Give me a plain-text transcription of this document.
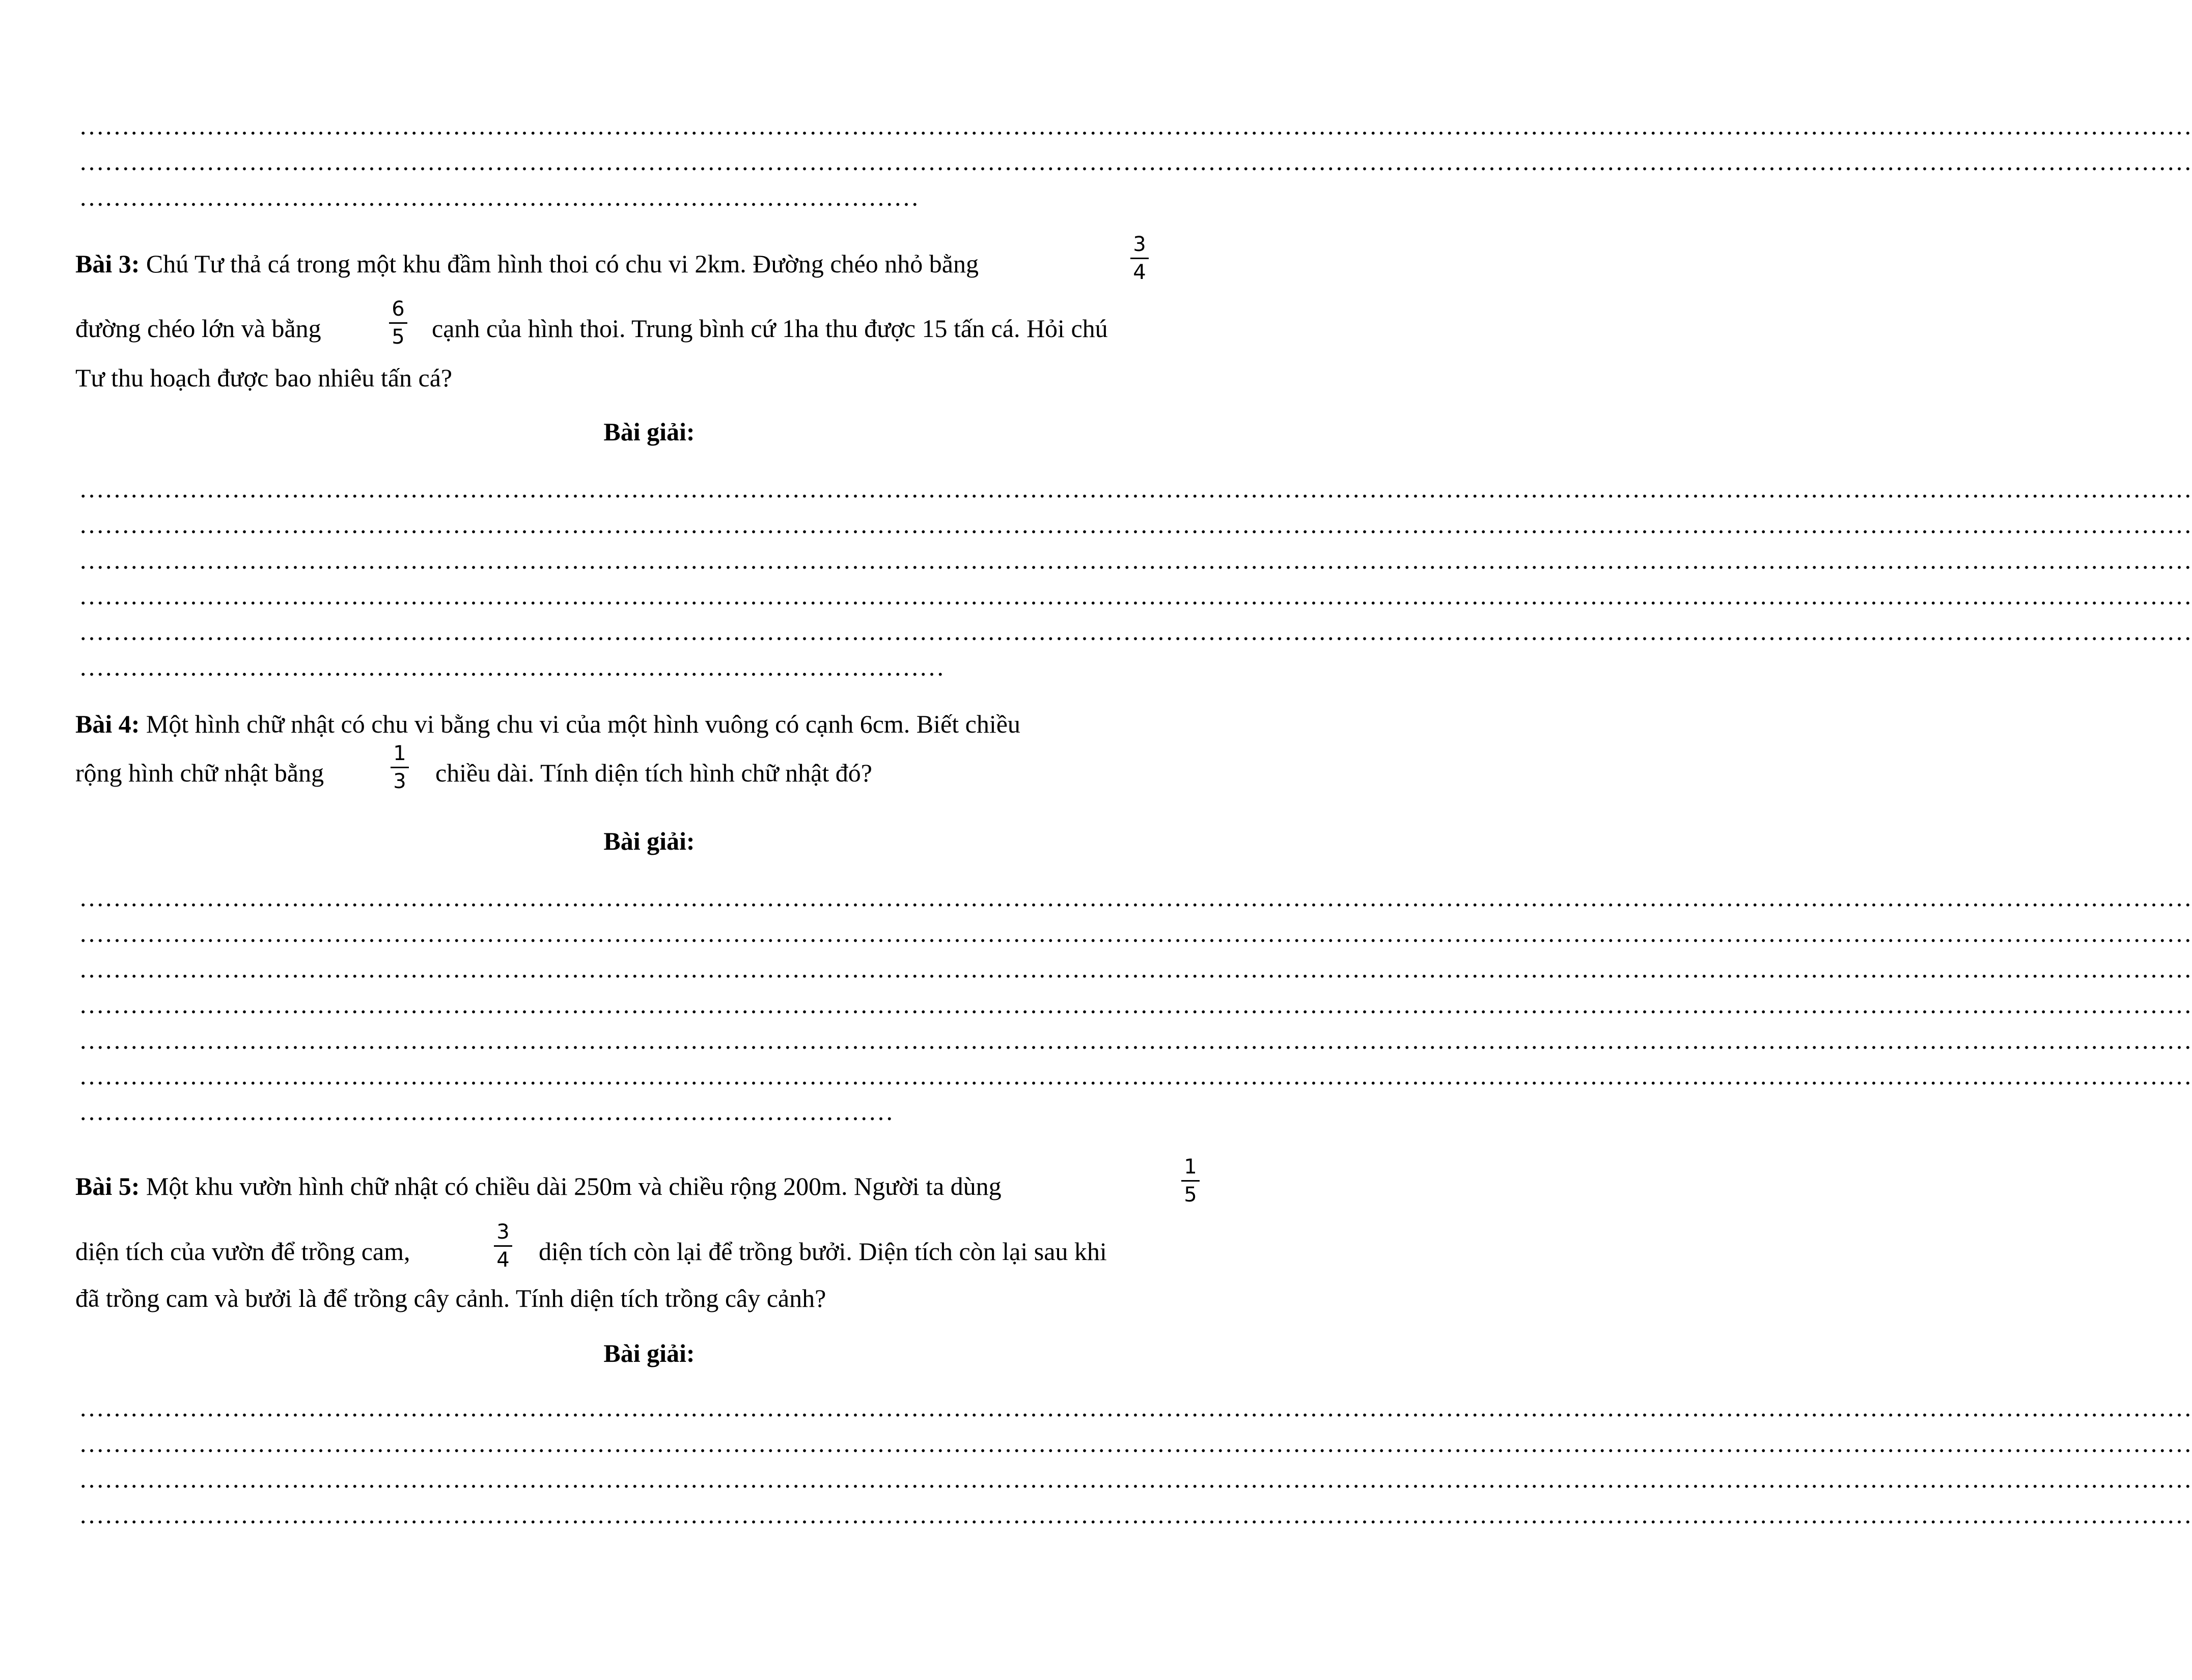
……………………………………………………………………………………………………………………………………………………………………………………………………………………………
……………………………………………………………………………………………………………………………………………………………………………………………………………………………
………………………………………………………………………………………
Bài 3: Chú Tư thả cá trong một khu đầm hình thoi có chu vi 2km. Đường chéo nhỏ bằng
3
4
đường chéo lớn và bằng
6
5 cạnh của hình thoi. Trung bình cứ 1ha thu được 15 tấn cá. Hỏi chú
Tư thu hoạch được bao nhiêu tấn cá?
Bài giải:
……………………………………………………………………………………………………………………………………………………………………………………………………………………………
……………………………………………………………………………………………………………………………………………………………………………………………………………………………
……………………………………………………………………………………………………………………………………………………………………………………………………………………………
……………………………………………………………………………………………………………………………………………………………………………………………………………………………
……………………………………………………………………………………………………………………………………………………………………………………………………………………………
…………………………………………………………………………………………
Bài 4: Một hình chữ nhật có chu vi bằng chu vi của một hình vuông có cạnh 6cm. Biết chiều
rộng hình chữ nhật bằng
1
3 chiều dài. Tính diện tích hình chữ nhật đó?
Bài giải:
……………………………………………………………………………………………………………………………………………………………………………………………………………………………
……………………………………………………………………………………………………………………………………………………………………………………………………………………………
……………………………………………………………………………………………………………………………………………………………………………………………………………………………
……………………………………………………………………………………………………………………………………………………………………………………………………………………………
……………………………………………………………………………………………………………………………………………………………………………………………………………………………
……………………………………………………………………………………………………………………………………………………………………………………………………………………………
……………………………………………………………………………………
Bài 5: Một khu vườn hình chữ nhật có chiều dài 250m và chiều rộng 200m. Người ta dùng
1
5
diện tích của vườn để trồng cam,
3
4 diện tích còn lại để trồng bưởi. Diện tích còn lại sau khi
đã trồng cam và bưởi là để trồng cây cảnh. Tính diện tích trồng cây cảnh?
Bài giải:
……………………………………………………………………………………………………………………………………………………………………………………………………………………………
……………………………………………………………………………………………………………………………………………………………………………………………………………………………
……………………………………………………………………………………………………………………………………………………………………………………………………………………………
……………………………………………………………………………………………………………………………………………………………………………………………………………………………
